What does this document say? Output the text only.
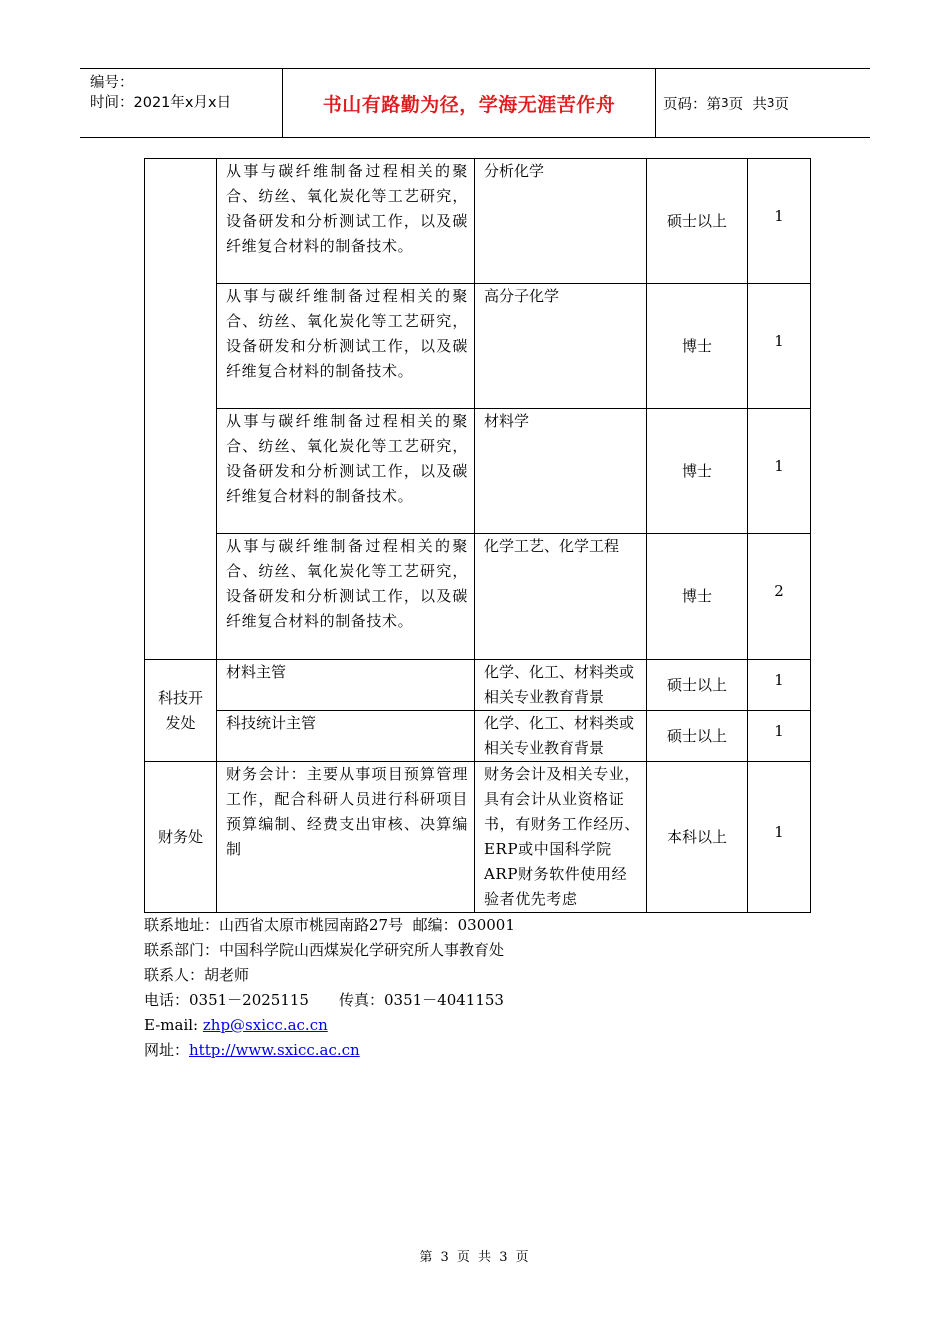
编号：
时间：2021年x月x日	书山有路勤为径，学海无涯苦作舟	页码：第 3 页  共 3 页

	从事与碳纤维制备过程相关的聚合、纺丝、氧化炭化等工艺研究，设备研发和分析测试工作，以及碳纤维复合材料的制备技术。	分析化学	硕士以上	1

	从事与碳纤维制备过程相关的聚合、纺丝、氧化炭化等工艺研究，设备研发和分析测试工作，以及碳纤维复合材料的制备技术。	高分子化学	博士	1

	从事与碳纤维制备过程相关的聚合、纺丝、氧化炭化等工艺研究，设备研发和分析测试工作，以及碳纤维复合材料的制备技术。	材料学	博士	1

	从事与碳纤维制备过程相关的聚合、纺丝、氧化炭化等工艺研究，设备研发和分析测试工作，以及碳纤维复合材料的制备技术。	化学工艺、化学工程	博士	2

科技开发处	材料主管	化学、化工、材料类或相关专业教育背景	硕士以上	1
	科技统计主管	化学、化工、材料类或相关专业教育背景	硕士以上	1
财务处	财务会计：主要从事项目预算管理工作，配合科研人员进行科研项目预算编制、经费支出审核、决算编制	财务会计及相关专业，具有会计从业资格证书，有财务工作经历、ERP或中国科学院ARP财务软件使用经验者优先考虑	本科以上	1
联系地址：山西省太原市桃园南路27号  邮编：030001
联系部门：中国科学院山西煤炭化学研究所人事教育处
联系人：胡老师
电话：0351－2025115 传真：0351－4041153
E-mail: zhp@sxicc.ac.cn
网址：http://www.sxicc.ac.cn
第 3 页 共 3 页
